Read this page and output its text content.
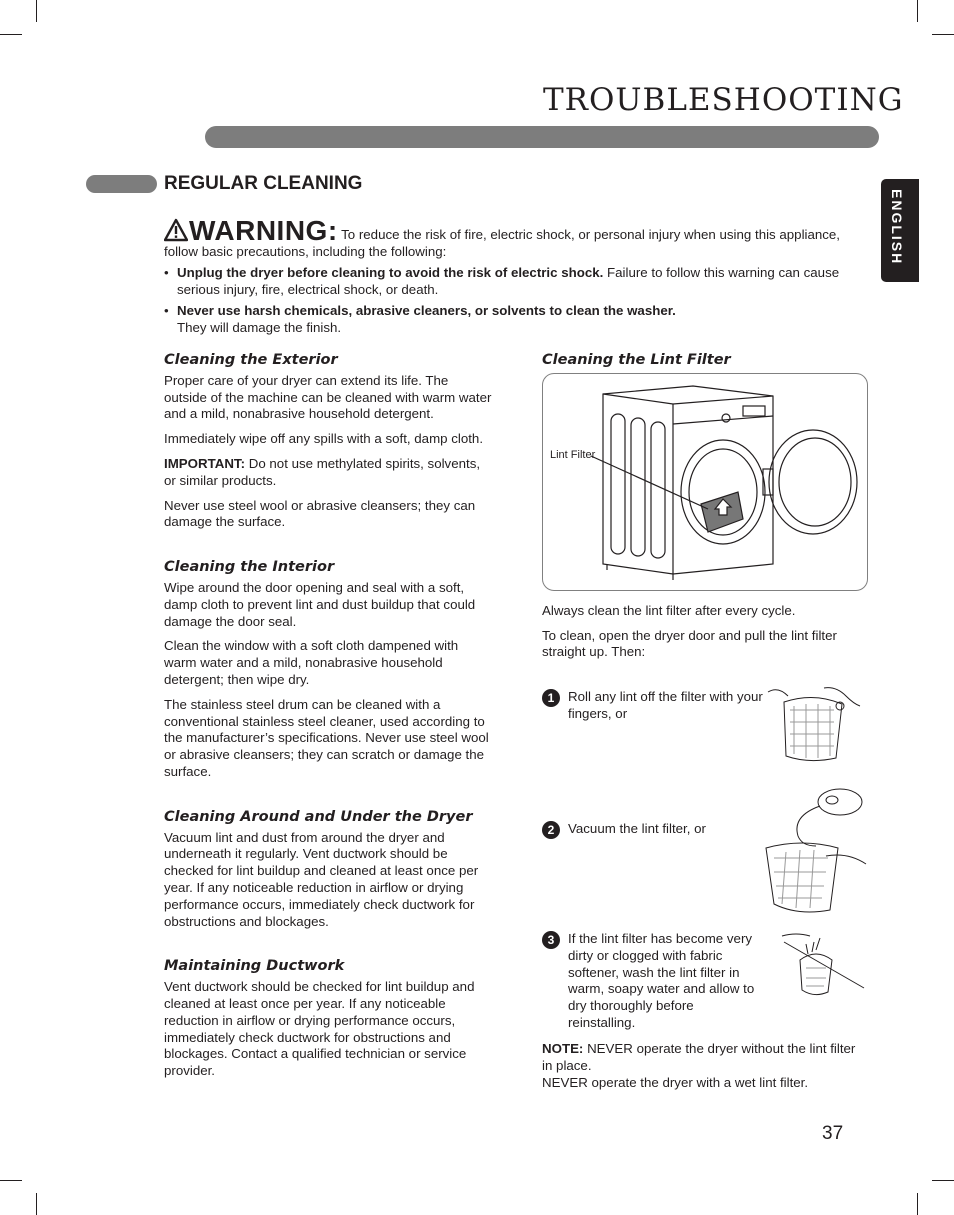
TROUBLESHOOTING
ENGLISH
REGULAR CLEANING
WARNING: To reduce the risk of fire, electric shock, or personal injury when using this appliance, follow basic precautions, including the following:
• Unplug the dryer before cleaning to avoid the risk of electric shock. Failure to follow this warning can cause serious injury, fire, electrical shock, or death.
• Never use harsh chemicals, abrasive cleaners, or solvents to clean the washer.
They will damage the finish.
Cleaning the Exterior

Proper care of your dryer can extend its life. The outside of the machine can be cleaned with warm water and a mild, nonabrasive household detergent.

Immediately wipe off any spills with a soft, damp cloth.

IMPORTANT: Do not use methylated spirits, solvents, or similar products.

Never use steel wool or abrasive cleansers; they can damage the surface.

Cleaning the Interior

Wipe around the door opening and seal with a soft, damp cloth to prevent lint and dust buildup that could damage the door seal.

Clean the window with a soft cloth dampened with warm water and a mild, nonabrasive household detergent; then wipe dry.

The stainless steel drum can be cleaned with a conventional stainless steel cleaner, used according to the manufacturer’s specifications. Never use steel wool or abrasive cleansers; they can scratch or damage the surface.

Cleaning Around and Under the Dryer

Vacuum lint and dust from around the dryer and underneath it regularly. Vent ductwork should be checked for lint buildup and cleaned at least once per year. If any noticeable reduction in airflow or drying performance occurs, immediately check ductwork for obstructions and blockages.

Maintaining Ductwork

Vent ductwork should be checked for lint buildup and cleaned at least once per year. If any noticeable reduction in airflow or drying performance occurs, immediately check ductwork for obstructions and blockages. Contact a qualified technician or service provider.

Cleaning the Lint Filter
Lint Filter

Always clean the lint filter after every cycle.

To clean, open the dryer door and pull the lint filter straight up. Then:

1	Roll any lint off the filter with your fingers, or
2	Vacuum the lint filter, or
3	If the lint filter has become very dirty or clogged with fabric softener, wash the lint filter in warm, soapy water and allow to dry thoroughly before reinstalling.
NOTE: NEVER operate the dryer without the lint filter in place.
NEVER operate the dryer with a wet lint filter.
37
